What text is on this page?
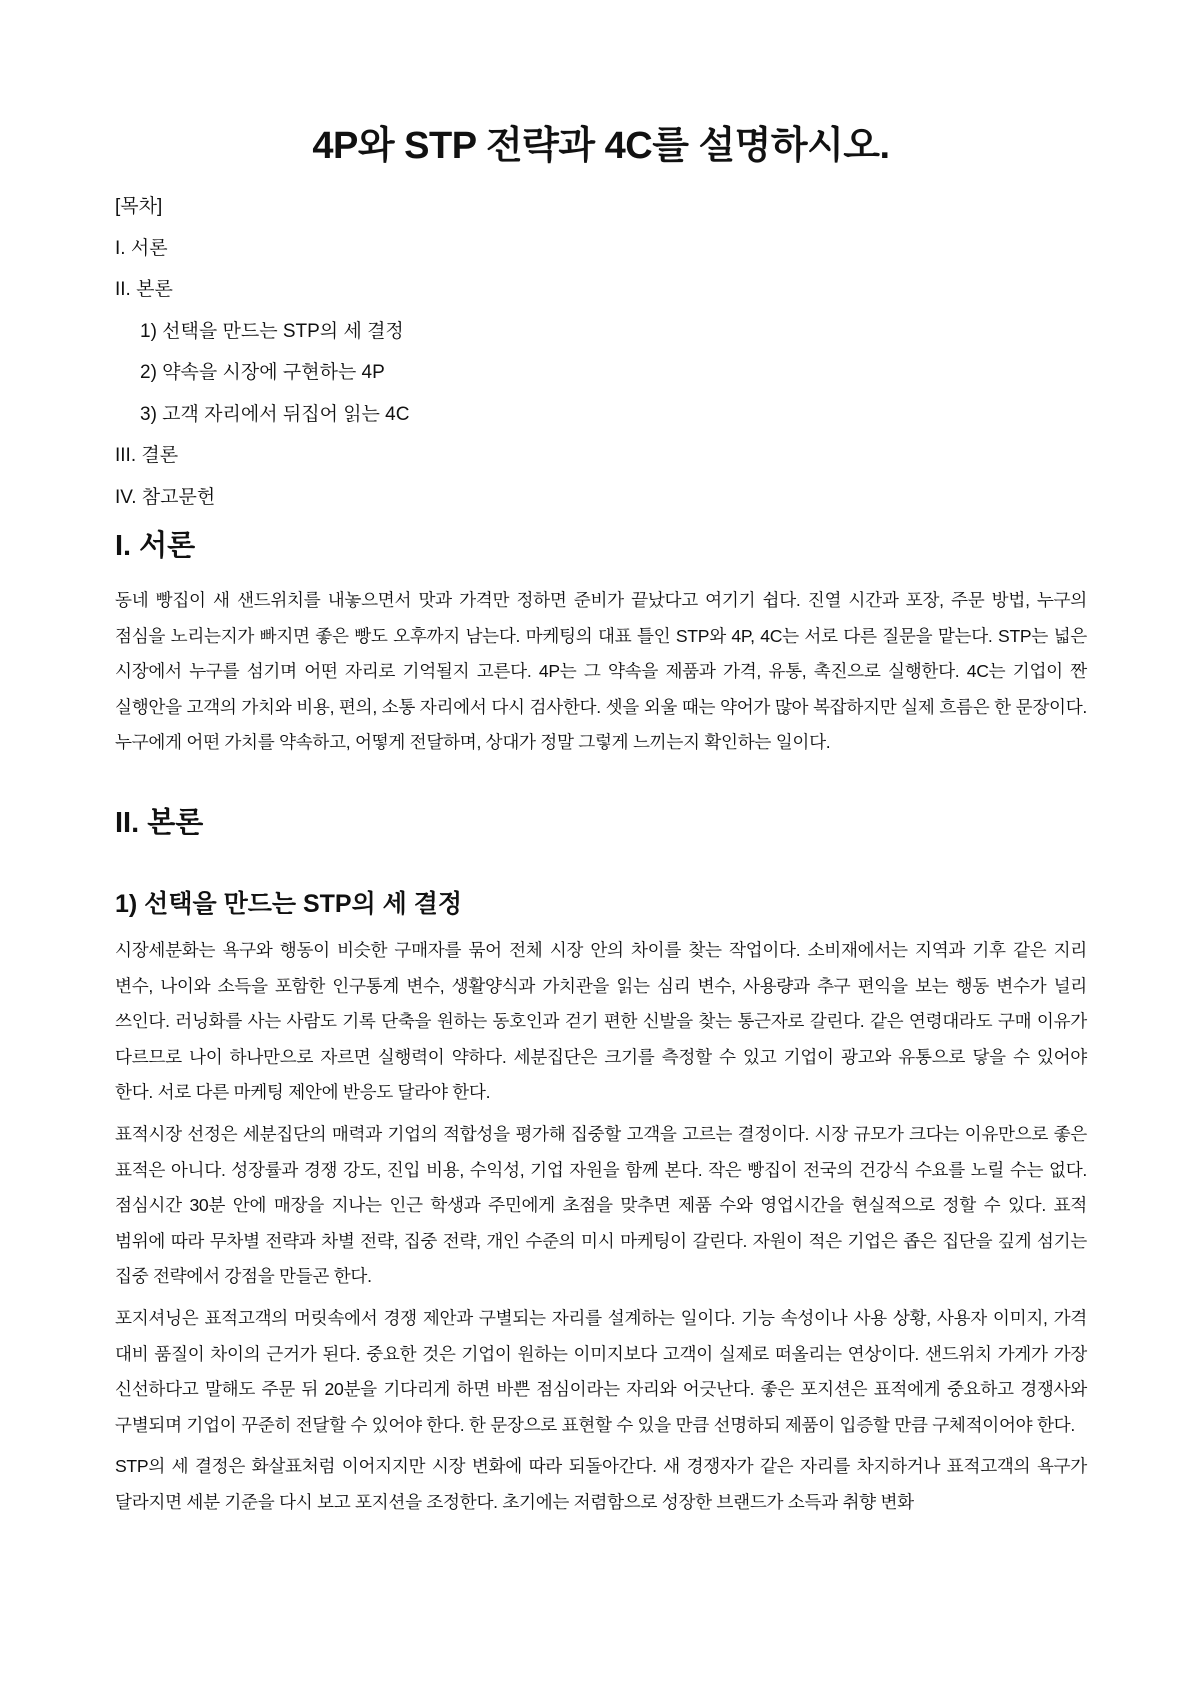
4P와 STP 전략과 4C를 설명하시오.
[목차]
I. 서론
II. 본론
1) 선택을 만드는 STP의 세 결정
2) 약속을 시장에 구현하는 4P
3) 고객 자리에서 뒤집어 읽는 4C
III. 결론
IV. 참고문헌
I. 서론

동네 빵집이 새 샌드위치를 내놓으면서 맛과 가격만 정하면 준비가 끝났다고 여기기 쉽다. 진열 시간과 포장, 주문 방법, 누구의 점심을 노리는지가 빠지면 좋은 빵도 오후까지 남는다. 마케팅의 대표 틀인 STP와 4P, 4C는 서로 다른 질문을 맡는다. STP는 넓은 시장에서 누구를 섬기며 어떤 자리로 기억될지 고른다. 4P는 그 약속을 제품과 가격, 유통, 촉진으로 실행한다. 4C는 기업이 짠 실행안을 고객의 가치와 비용, 편의, 소통 자리에서 다시 검사한다. 셋을 외울 때는 약어가 많아 복잡하지만 실제 흐름은 한 문장이다. 누구에게 어떤 가치를 약속하고, 어떻게 전달하며, 상대가 정말 그렇게 느끼는지 확인하는 일이다.

II. 본론
1) 선택을 만드는 STP의 세 결정

시장세분화는 욕구와 행동이 비슷한 구매자를 묶어 전체 시장 안의 차이를 찾는 작업이다. 소비재에서는 지역과 기후 같은 지리 변수, 나이와 소득을 포함한 인구통계 변수, 생활양식과 가치관을 읽는 심리 변수, 사용량과 추구 편익을 보는 행동 변수가 널리 쓰인다. 러닝화를 사는 사람도 기록 단축을 원하는 동호인과 걷기 편한 신발을 찾는 통근자로 갈린다. 같은 연령대라도 구매 이유가 다르므로 나이 하나만으로 자르면 실행력이 약하다. 세분집단은 크기를 측정할 수 있고 기업이 광고와 유통으로 닿을 수 있어야 한다. 서로 다른 마케팅 제안에 반응도 달라야 한다.

표적시장 선정은 세분집단의 매력과 기업의 적합성을 평가해 집중할 고객을 고르는 결정이다. 시장 규모가 크다는 이유만으로 좋은 표적은 아니다. 성장률과 경쟁 강도, 진입 비용, 수익성, 기업 자원을 함께 본다. 작은 빵집이 전국의 건강식 수요를 노릴 수는 없다. 점심시간 30분 안에 매장을 지나는 인근 학생과 주민에게 초점을 맞추면 제품 수와 영업시간을 현실적으로 정할 수 있다. 표적 범위에 따라 무차별 전략과 차별 전략, 집중 전략, 개인 수준의 미시 마케팅이 갈린다. 자원이 적은 기업은 좁은 집단을 깊게 섬기는 집중 전략에서 강점을 만들곤 한다.

포지셔닝은 표적고객의 머릿속에서 경쟁 제안과 구별되는 자리를 설계하는 일이다. 기능 속성이나 사용 상황, 사용자 이미지, 가격 대비 품질이 차이의 근거가 된다. 중요한 것은 기업이 원하는 이미지보다 고객이 실제로 떠올리는 연상이다. 샌드위치 가게가 가장 신선하다고 말해도 주문 뒤 20분을 기다리게 하면 바쁜 점심이라는 자리와 어긋난다. 좋은 포지션은 표적에게 중요하고 경쟁사와 구별되며 기업이 꾸준히 전달할 수 있어야 한다. 한 문장으로 표현할 수 있을 만큼 선명하되 제품이 입증할 만큼 구체적이어야 한다.

STP의 세 결정은 화살표처럼 이어지지만 시장 변화에 따라 되돌아간다. 새 경쟁자가 같은 자리를 차지하거나 표적고객의 욕구가 달라지면 세분 기준을 다시 보고 포지션을 조정한다. 초기에는 저렴함으로 성장한 브랜드가 소득과 취향 변화
